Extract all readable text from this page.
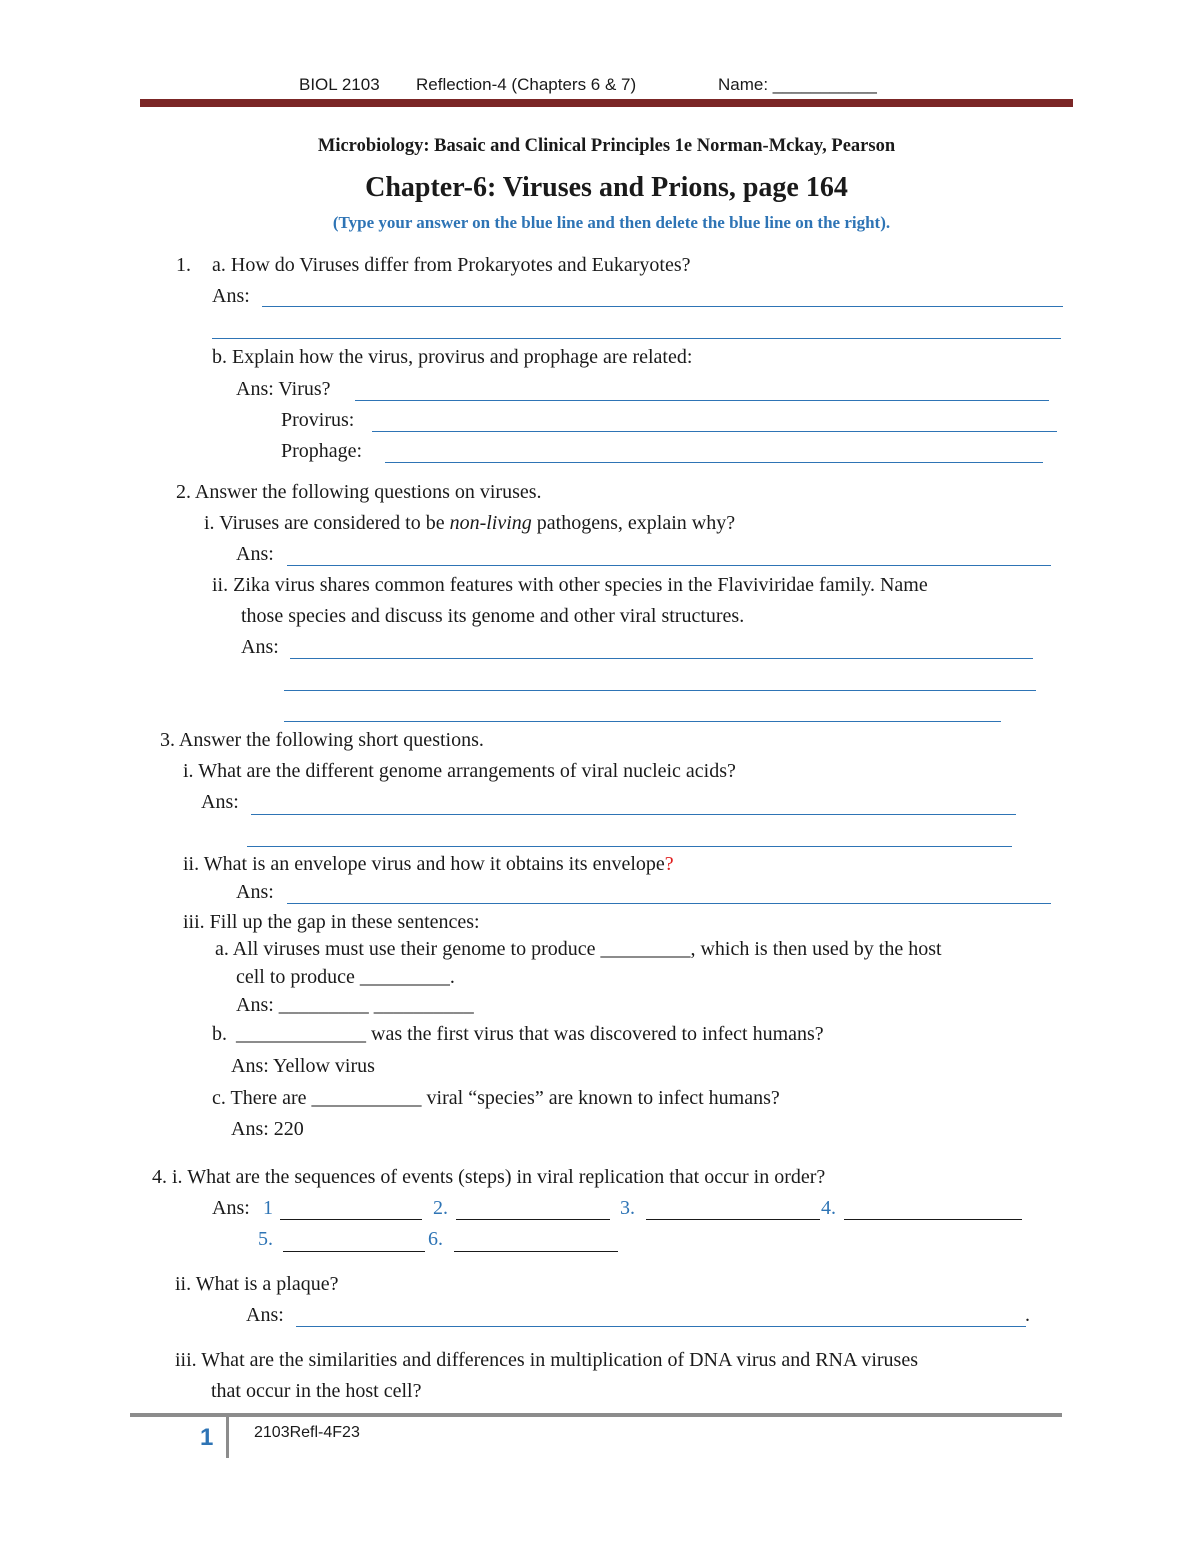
BIOL 2103 Reflection-4 (Chapters 6 & 7)	Name: ___________
Microbiology: Basaic and Clinical Principles 1e Norman-Mckay, Pearson
Chapter-6: Viruses and Prions, page 164
(Type your answer on the blue line and then delete the blue line on the right).
1. a. How do Viruses differ from Prokaryotes and Eukaryotes?
Ans:
b. Explain how the virus, provirus and prophage are related:
Ans: Virus?
Provirus:
Prophage:
2. Answer the following questions on viruses.
i. Viruses are considered to be non-living pathogens, explain why?
Ans:
ii. Zika virus shares common features with other species in the Flaviviridae family. Name
those species and discuss its genome and other viral structures.
Ans:
3. Answer the following short questions.
i. What are the different genome arrangements of viral nucleic acids?
Ans:
ii. What is an envelope virus and how it obtains its envelope?
Ans:
iii. Fill up the gap in these sentences:
a. All viruses must use their genome to produce _________, which is then used by the host
cell to produce _________.
Ans: _________ __________
b. _____________ was the first virus that was discovered to infect humans?
Ans: Yellow virus
c. There are ___________ viral “species” are known to infect humans?
Ans: 220
4. i. What are the sequences of events (steps) in viral replication that occur in order?
Ans: 1	2.	3.	4.
5.	6.
ii. What is a plaque?
Ans:	.
iii. What are the similarities and differences in multiplication of DNA virus and RNA viruses
that occur in the host cell?
1	2103Refl-4F23
